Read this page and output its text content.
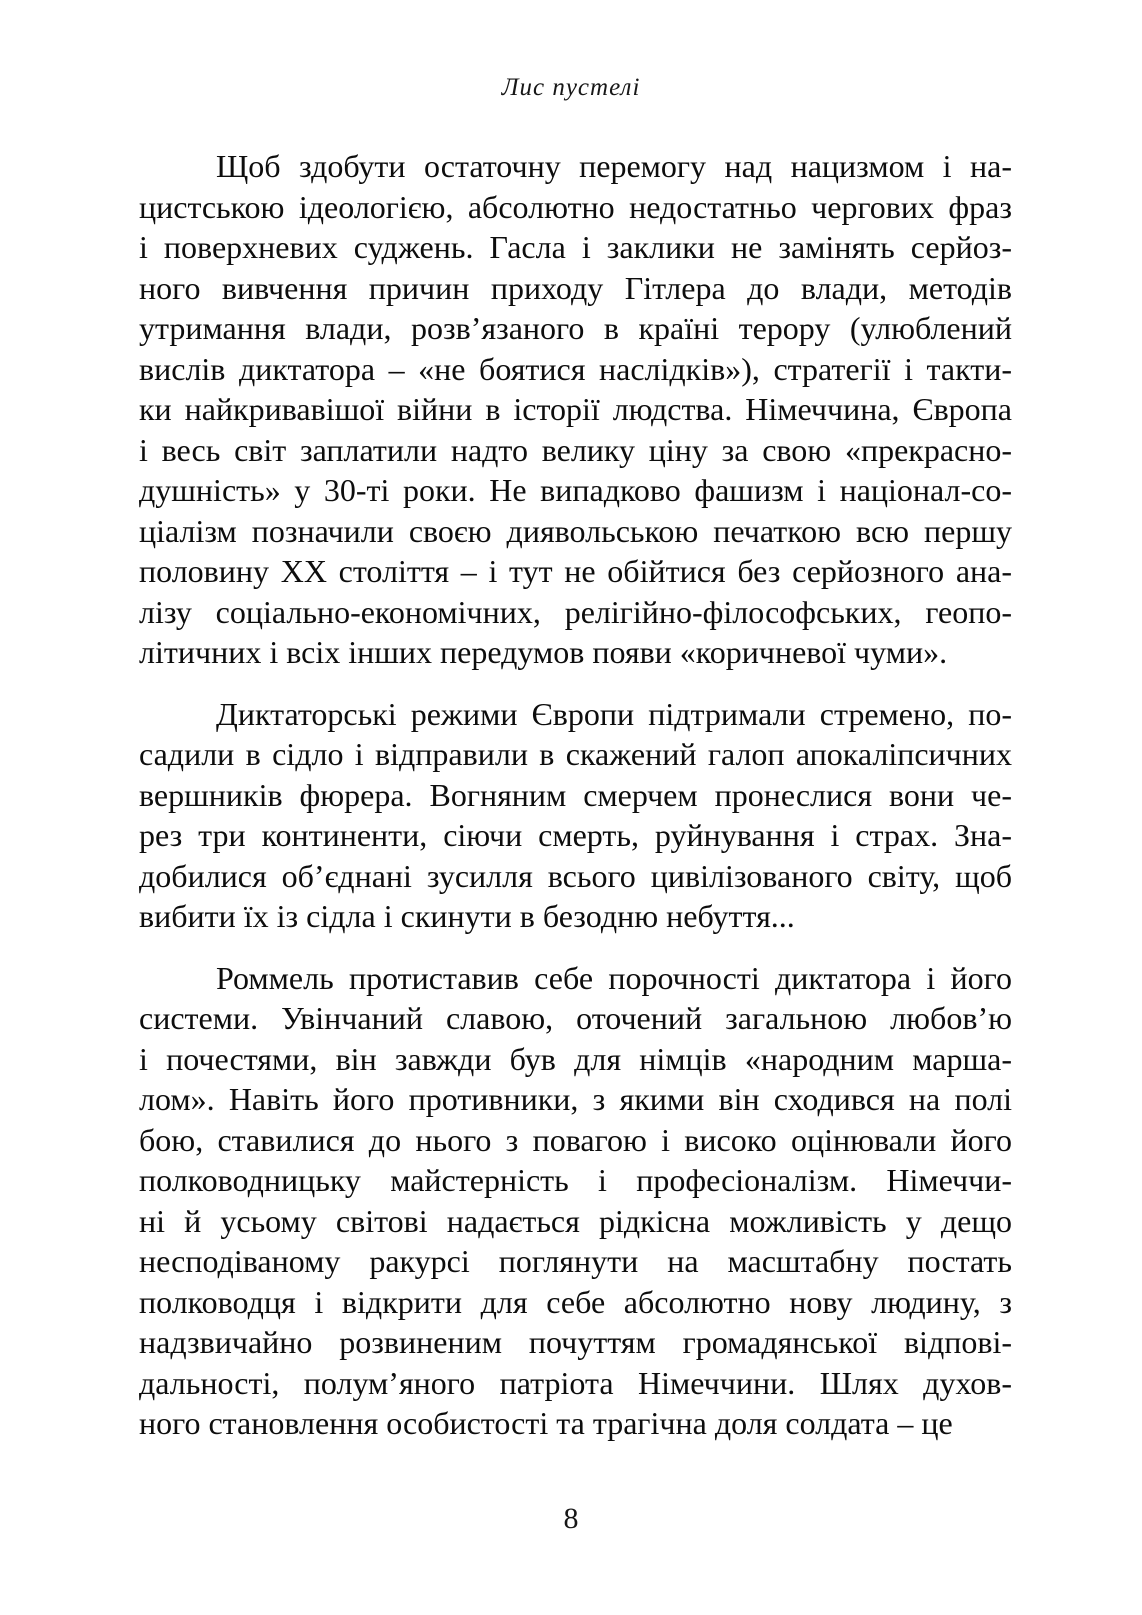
Лис пустелі
Щоб здобути остаточну перемогу над нацизмом і на-
цистською ідеологією, абсолютно недостатньо чергових фраз
і поверхневих суджень. Гасла і заклики не замінять серйоз-
ного вивчення причин приходу Гітлера до влади, методів
утримання влади, розв’язаного в країні терору (улюблений
вислів диктатора – «не боятися наслідків»), стратегії і такти-
ки найкривавішої війни в історії людства. Німеччина, Європа
і весь світ заплатили надто велику ціну за свою «прекрасно-
душність» у 30-ті роки. Не випадково фашизм і націонал-со-
ціалізм позначили своєю диявольською печаткою всю першу
половину XX століття – і тут не обійтися без серйозного ана-
лізу соціально-економічних, релігійно-філософських, геопо-
літичних і всіх інших передумов появи «коричневої чуми».
Диктаторські режими Європи підтримали стремено, по-
садили в сідло і відправили в скажений галоп апокаліпсичних
вершників фюрера. Вогняним смерчем пронеслися вони че-
рез три континенти, сіючи смерть, руйнування і страх. Зна-
добилися об’єднані зусилля всього цивілізованого світу, щоб
вибити їх із сідла і скинути в безодню небуття...
Роммель протиставив себе порочності диктатора і його
системи. Увінчаний славою, оточений загальною любов’ю
і почестями, він завжди був для німців «народним марша-
лом». Навіть його противники, з якими він сходився на полі
бою, ставилися до нього з повагою і високо оцінювали його
полководницьку майстерність і професіоналізм. Німеччи-
ні й усьому світові надається рідкісна можливість у дещо
несподіваному ракурсі поглянути на масштабну постать
полководця і відкрити для себе абсолютно нову людину, з
надзвичайно розвиненим почуттям громадянської відпові-
дальності, полум’яного патріота Німеччини. Шлях духов-
ного становлення особистості та трагічна доля солдата – це
8
